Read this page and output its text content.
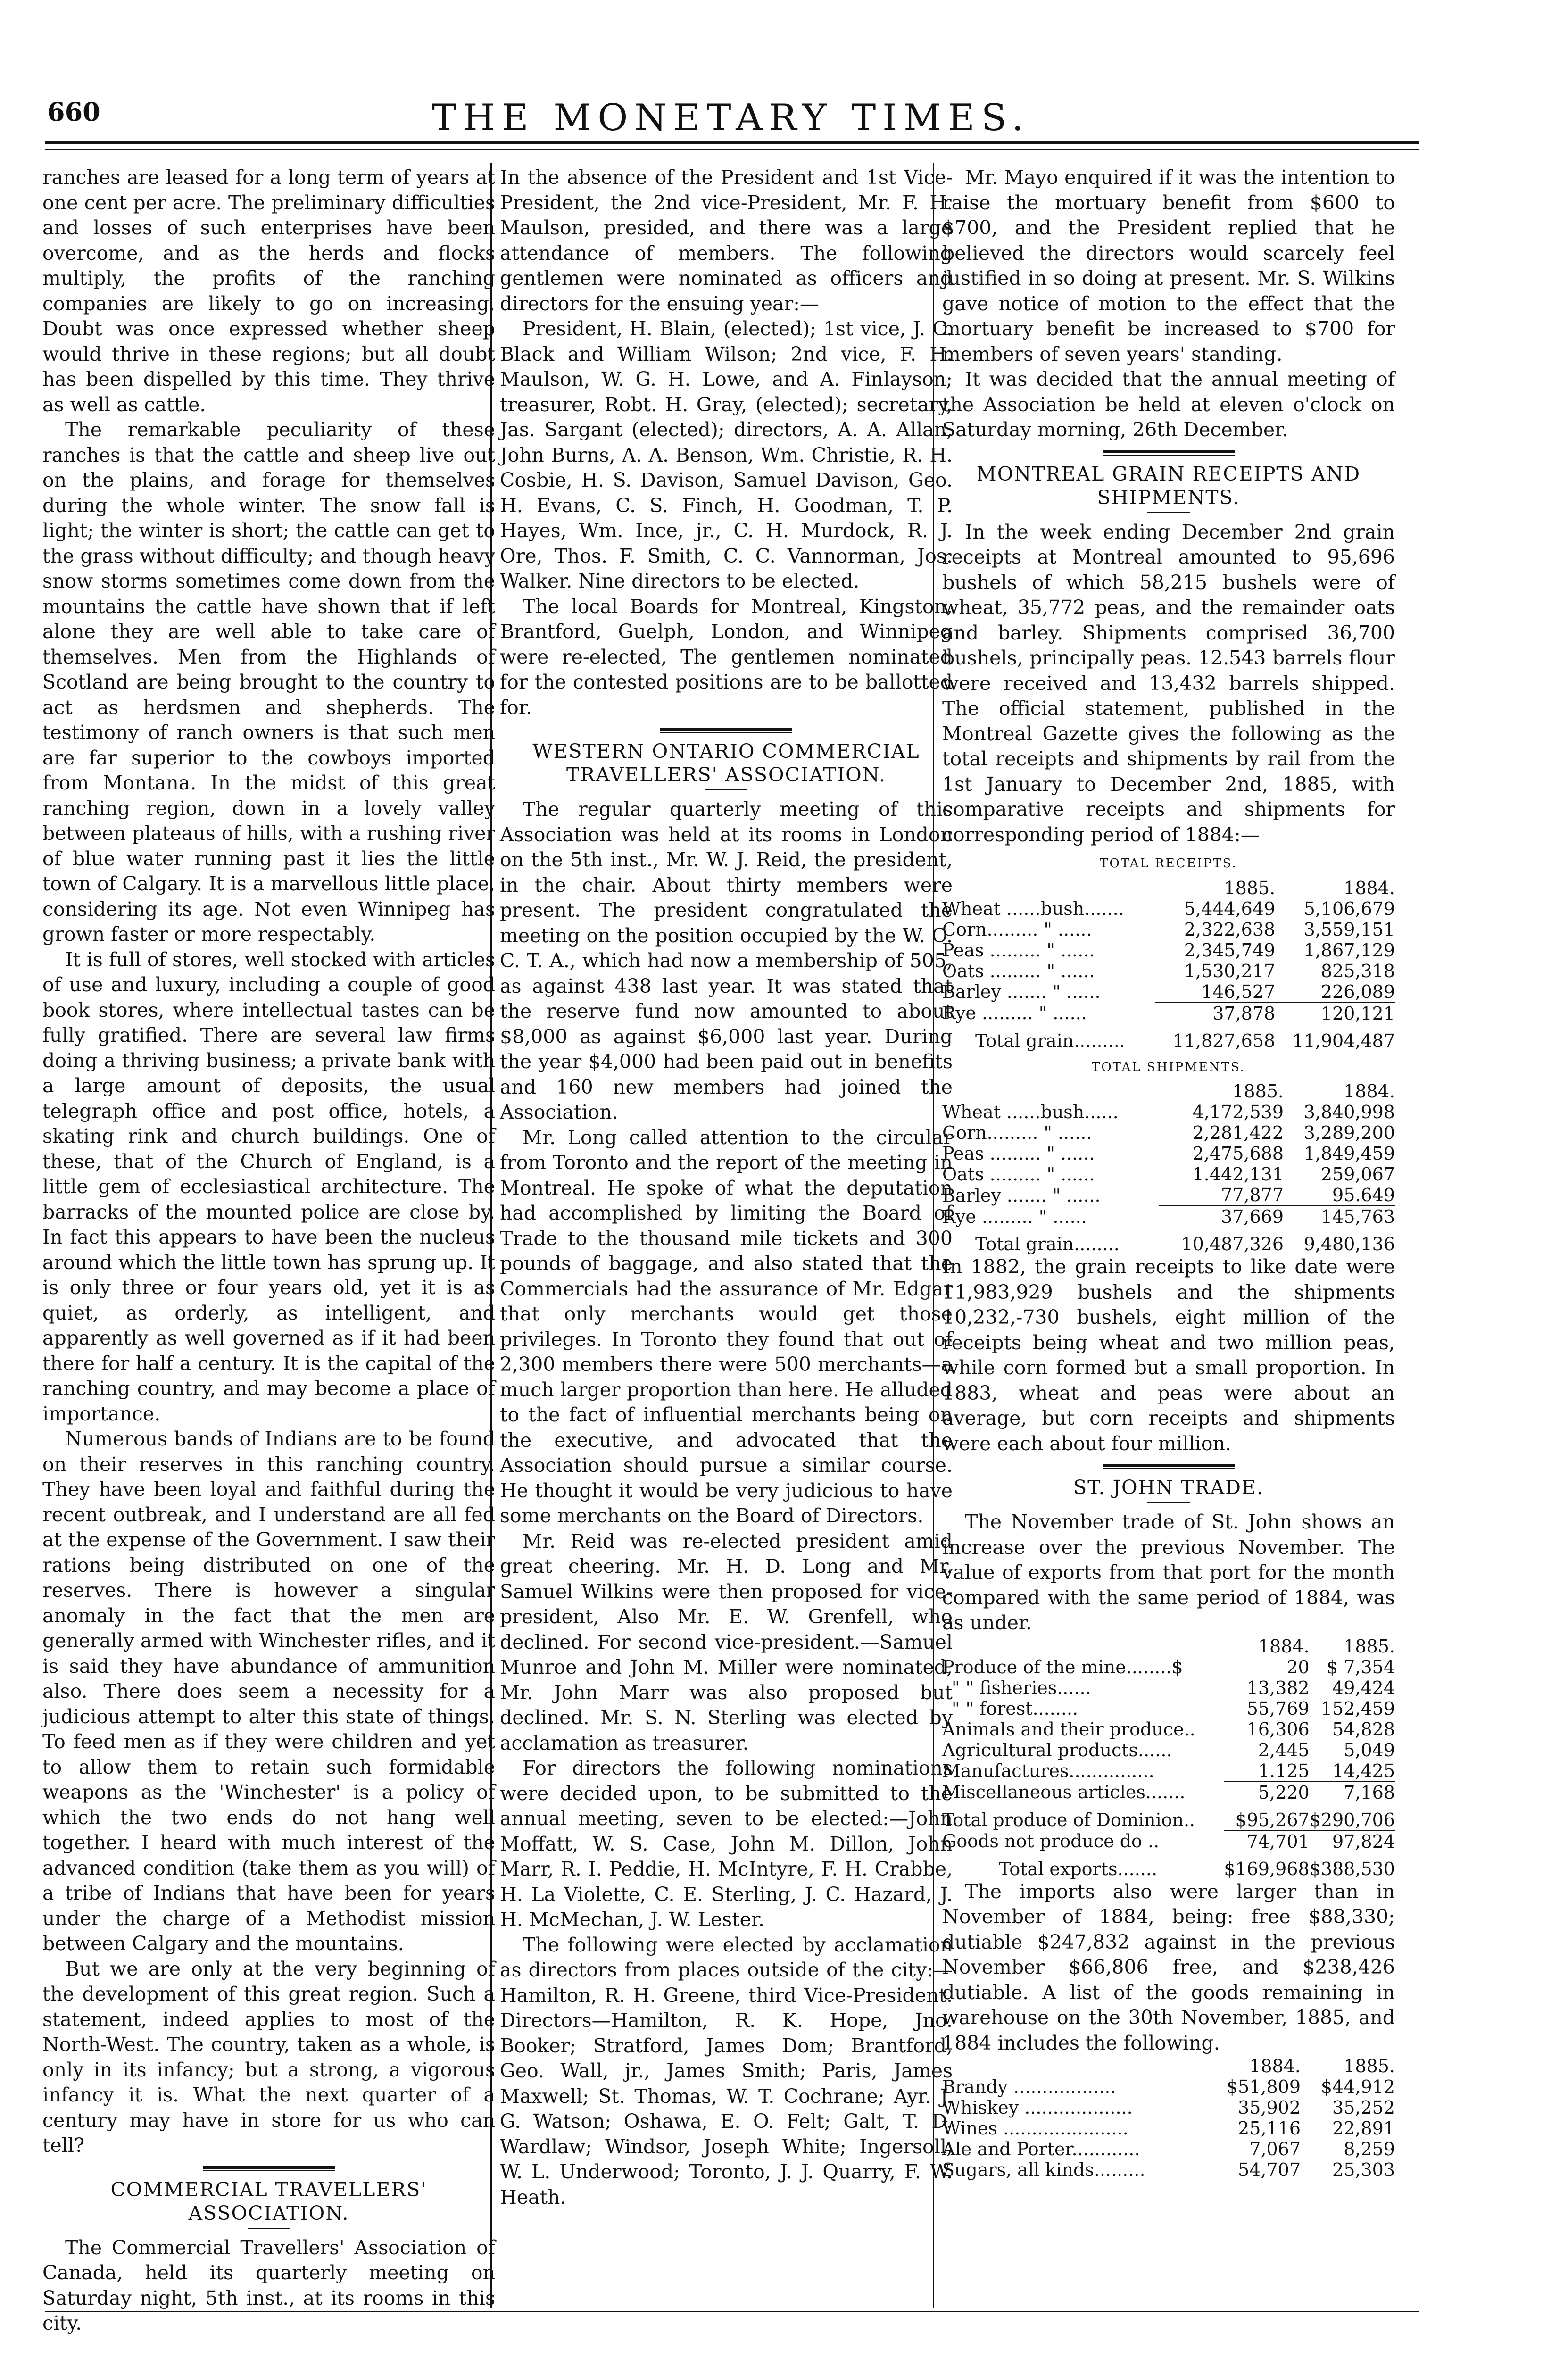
660	THE MONETARY TIMES.

ranches are leased for a long term of years at one cent per acre. The preliminary difficulties and losses of such enterprises have been overcome, and as the herds and flocks multiply, the profits of the ranching companies are likely to go on increasing. Doubt was once expressed whether sheep would thrive in these regions; but all doubt has been dispelled by this time. They thrive as well as cattle.

The remarkable peculiarity of these ranches is that the cattle and sheep live out on the plains, and forage for themselves during the whole winter. The snow fall is light; the winter is short; the cattle can get to the grass without difficulty; and though heavy snow storms sometimes come down from the mountains the cattle have shown that if left alone they are well able to take care of themselves. Men from the Highlands of Scotland are being brought to the country to act as herdsmen and shepherds. The testimony of ranch owners is that such men are far superior to the cowboys imported from Montana. In the midst of this great ranching region, down in a lovely valley between plateaus of hills, with a rushing river of blue water running past it lies the little town of Calgary. It is a marvellous little place, considering its age. Not even Winnipeg has grown faster or more respectably.

It is full of stores, well stocked with articles of use and luxury, including a couple of good book stores, where intellectual tastes can be fully gratified. There are several law firms doing a thriving business; a private bank with a large amount of deposits, the usual telegraph office and post office, hotels, a skating rink and church buildings. One of these, that of the Church of England, is a little gem of ecclesiastical architecture. The barracks of the mounted police are close by. In fact this appears to have been the nucleus around which the little town has sprung up. It is only three or four years old, yet it is as quiet, as orderly, as intelligent, and apparently as well governed as if it had been there for half a century. It is the capital of the ranching country, and may become a place of importance.

Numerous bands of Indians are to be found on their reserves in this ranching country. They have been loyal and faithful during the recent outbreak, and I understand are all fed at the expense of the Government. I saw their rations being distributed on one of the reserves. There is however a singular anomaly in the fact that the men are generally armed with Winchester rifles, and it is said they have abundance of ammunition also. There does seem a necessity for a judicious attempt to alter this state of things. To feed men as if they were children and yet to allow them to retain such formidable weapons as the 'Winchester' is a policy of which the two ends do not hang well together. I heard with much interest of the advanced condition (take them as you will) of a tribe of Indians that have been for years under the charge of a Methodist mission between Calgary and the mountains.

But we are only at the very beginning of the development of this great region. Such a statement, indeed applies to most of the North-West. The country, taken as a whole, is only in its infancy; but a strong, a vigorous infancy it is. What the next quarter of a century may have in store for us who can tell?

COMMERCIAL TRAVELLERS' ASSOCIATION.

The Commercial Travellers' Association of Canada, held its quarterly meeting on Saturday night, 5th inst., at its rooms in this city.

In the absence of the President and 1st Vice-President, the 2nd vice-President, Mr. F. H. Maulson, presided, and there was a large attendance of members. The following gentlemen were nominated as officers and directors for the ensuing year:—

President, H. Blain, (elected); 1st vice, J. C. Black and William Wilson; 2nd vice, F. H. Maulson, W. G. H. Lowe, and A. Finlayson; treasurer, Robt. H. Gray, (elected); secretary, Jas. Sargant (elected); directors, A. A. Allan, John Burns, A. A. Benson, Wm. Christie, R. H. Cosbie, H. S. Davison, Samuel Davison, Geo. H. Evans, C. S. Finch, H. Goodman, T. P. Hayes, Wm. Ince, jr., C. H. Murdock, R. J. Ore, Thos. F. Smith, C. C. Vannorman, Jos. Walker. Nine directors to be elected.

The local Boards for Montreal, Kingston, Brantford, Guelph, London, and Winnipeg were re-elected, The gentlemen nominated for the contested positions are to be ballotted for.

WESTERN ONTARIO COMMERCIAL TRAVELLERS' ASSOCIATION.

The regular quarterly meeting of this Association was held at its rooms in London on the 5th inst., Mr. W. J. Reid, the president, in the chair. About thirty members were present. The president congratulated the meeting on the position occupied by the W. O. C. T. A., which had now a membership of 505, as against 438 last year. It was stated that the reserve fund now amounted to about $8,000 as against $6,000 last year. During the year $4,000 had been paid out in benefits and 160 new members had joined the Association.

Mr. Long called attention to the circular from Toronto and the report of the meeting in Montreal. He spoke of what the deputation had accomplished by limiting the Board of Trade to the thousand mile tickets and 300 pounds of baggage, and also stated that the Commercials had the assurance of Mr. Edgar that only merchants would get those privileges. In Toronto they found that out of 2,300 members there were 500 merchants—a much larger proportion than here. He alluded to the fact of influential merchants being on the executive, and advocated that the Association should pursue a similar course. He thought it would be very judicious to have some merchants on the Board of Directors.

Mr. Reid was re-elected president amid great cheering. Mr. H. D. Long and Mr. Samuel Wilkins were then proposed for vice-president, Also Mr. E. W. Grenfell, who declined. For second vice-president.—Samuel Munroe and John M. Miller were nominated, Mr. John Marr was also proposed but declined. Mr. S. N. Sterling was elected by acclamation as treasurer.

For directors the following nominations were decided upon, to be submitted to the annual meeting, seven to be elected:—John Moffatt, W. S. Case, John M. Dillon, John Marr, R. I. Peddie, H. McIntyre, F. H. Crabbe, H. La Violette, C. E. Sterling, J. C. Hazard, J. H. McMechan, J. W. Lester.

The following were elected by acclamation as directors from places outside of the city:—Hamilton, R. H. Greene, third Vice-President. Directors—Hamilton, R. K. Hope, Jno. Booker; Stratford, James Dom; Brantford, Geo. Wall, jr., James Smith; Paris, James Maxwell; St. Thomas, W. T. Cochrane; Ayr. J. G. Watson; Oshawa, E. O. Felt; Galt, T. D. Wardlaw; Windsor, Joseph White; Ingersoll, W. L. Underwood; Toronto, J. J. Quarry, F. W. Heath.

Mr. Mayo enquired if it was the intention to raise the mortuary benefit from $600 to $700, and the President replied that he believed the directors would scarcely feel justified in so doing at present. Mr. S. Wilkins gave notice of motion to the effect that the mortuary benefit be increased to $700 for members of seven years' standing.

It was decided that the annual meeting of the Association be held at eleven o'clock on Saturday morning, 26th December.

MONTREAL GRAIN RECEIPTS AND SHIPMENTS.

In the week ending December 2nd grain receipts at Montreal amounted to 95,696 bushels of which 58,215 bushels were of wheat, 35,772 peas, and the remainder oats and barley. Shipments comprised 36,700 bushels, principally peas. 12.543 barrels flour were received and 13,432 barrels shipped. The official statement, published in the Montreal Gazette gives the following as the total receipts and shipments by rail from the 1st January to December 2nd, 1885, with comparative receipts and shipments for corresponding period of 1884:—

TOTAL RECEIPTS.
	1885.	1884.
Wheat ......bush.......	5,444,649	5,106,679
Corn......... " ......	2,322,638	3,559,151
Peas ......... " ......	2,345,749	1,867,129
Oats ......... " ......	1,530,217	825,318
Barley ....... " ......	146,527	226,089
Rye ......... " ......	37,878	120,121
Total grain.........	11,827,658	11,904,487
TOTAL SHIPMENTS.
	1885.	1884.
Wheat ......bush......	4,172,539	3,840,998
Corn......... " ......	2,281,422	3,289,200
Peas ......... " ......	2,475,688	1,849,459
Oats ......... " ......	1.442,131	259,067
Barley ....... " ......	77,877	95.649
Rye ......... " ......	37,669	145,763
Total grain........	10,487,326	9,480,136

In 1882, the grain receipts to like date were 11,983,929 bushels and the shipments 10,232,-730 bushels, eight million of the receipts being wheat and two million peas, while corn formed but a small proportion. In 1883, wheat and peas were about an average, but corn receipts and shipments were each about four million.

ST. JOHN TRADE.

The November trade of St. John shows an increase over the previous November. The value of exports from that port for the month compared with the same period of 1884, was as under.

	1884.	1885.
Produce of the mine........$	20	$ 7,354
" " fisheries......	13,382	49,424
" " forest........	55,769	152,459
Animals and their produce..	16,306	54,828
Agricultural products......	2,445	5,049
Manufactures...............	1.125	14,425
Miscellaneous articles.......	5,220	7,168
Total produce of Dominion..	$95,267	$290,706
Goods not produce do ..	74,701	97,824
Total exports.......	$169,968	$388,530

The imports also were larger than in November of 1884, being: free $88,330; dutiable $247,832 against in the previous November $66,806 free, and $238,426 dutiable. A list of the goods remaining in warehouse on the 30th November, 1885, and 1884 includes the following.

	1884.	1885.
Brandy ..................	$51,809	$44,912
Whiskey ...................	35,902	35,252
Wines ......................	25,116	22,891
Ale and Porter............	7,067	8,259
Sugars, all kinds.........	54,707	25,303
